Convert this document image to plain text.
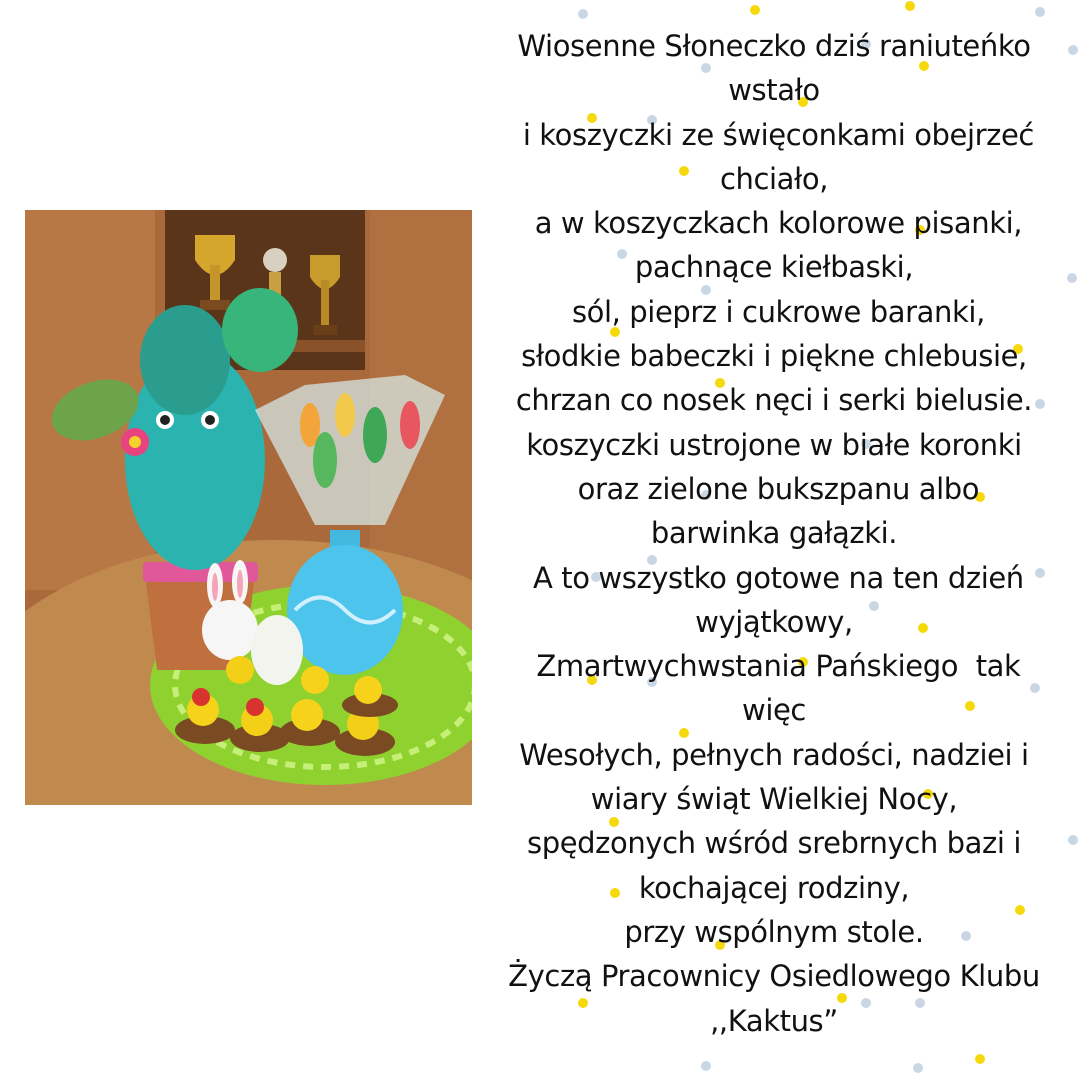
Wiosenne Słoneczko dziś raniuteńko
wstało
i koszyczki ze święconkami obejrzeć
chciało,
a w koszyczkach kolorowe pisanki,
pachnące kiełbaski,
sól, pieprz i cukrowe baranki,
słodkie babeczki i piękne chlebusie,
chrzan co nosek nęci i serki bielusie.
koszyczki ustrojone w białe koronki
oraz zielone bukszpanu albo
barwinka gałązki.
A to wszystko gotowe na ten dzień
wyjątkowy,
Zmartwychwstania Pańskiego  tak
więc
Wesołych, pełnych radości, nadziei i
wiary świąt Wielkiej Nocy,
spędzonych wśród srebrnych bazi i
kochającej rodziny,
przy wspólnym stole.
Życzą Pracownicy Osiedlowego Klubu
,,Kaktus”
